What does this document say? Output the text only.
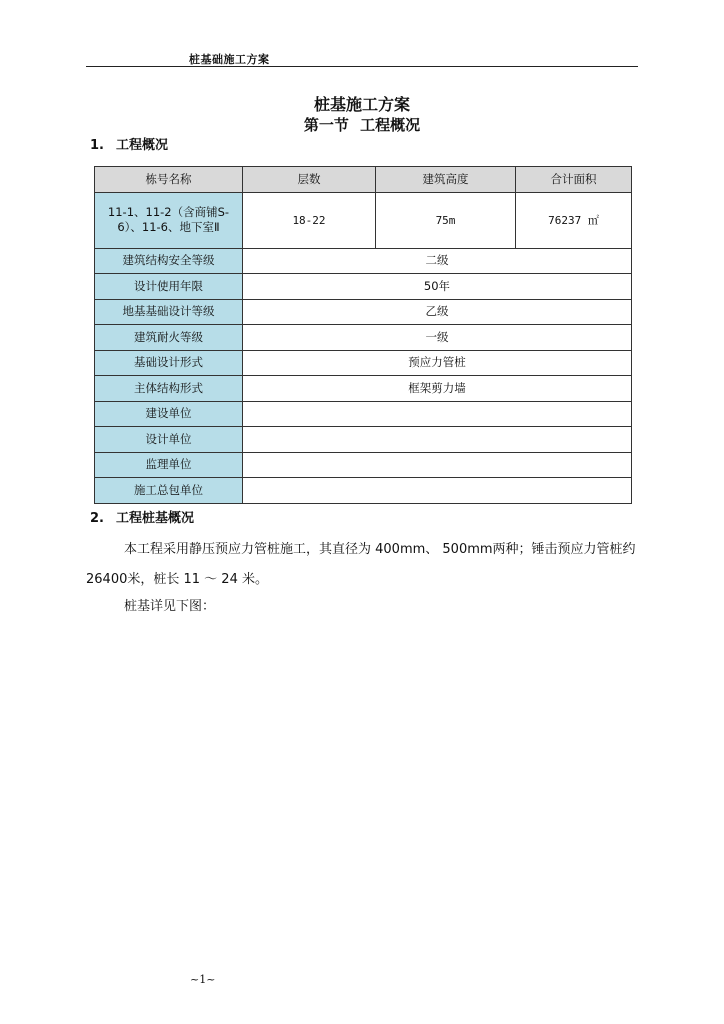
桩基础施工方案
桩基施工方案
第一节 工程概况
1. 工程概况
栋号名称	层数	建筑高度	合计面积
11-1、11-2（含商铺S-6）、11-6、地下室Ⅱ	18-22	75m	76237 ㎡
建筑结构安全等级	二级		
设计使用年限	50年		
地基基础设计等级	乙级		
建筑耐火等级	一级		
基础设计形式	预应力管桩		
主体结构形式	框架剪力墙		
建设单位			
设计单位			
监理单位			
施工总包单位			
2. 工程桩基概况
本工程采用静压预应力管桩施工，其直径为 400mm、 500mm两种；锤击预应力管桩约 26400米，桩长 11 ～ 24 米。
桩基详见下图：
~1~
